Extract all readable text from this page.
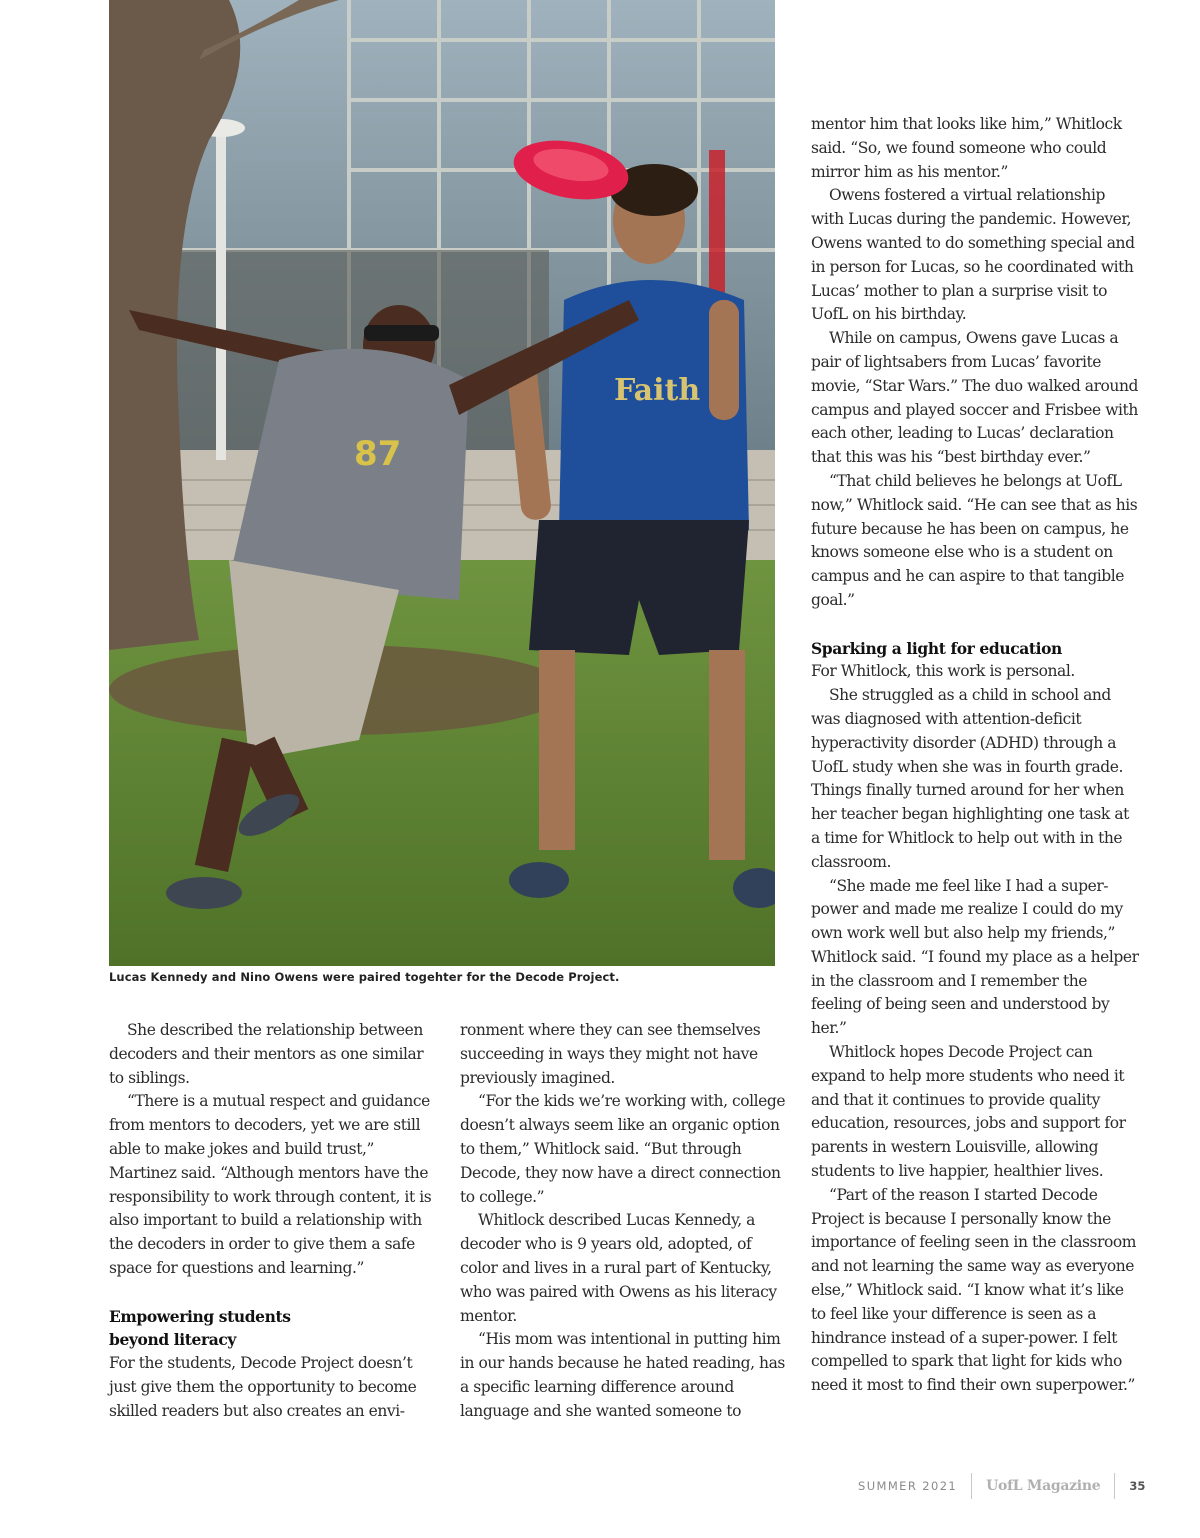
Faith
87
Lucas Kennedy and Nino Owens were paired togehter for the Decode Project.

She described the relationship between decoders and their mentors as one similar to siblings.

“There is a mutual respect and guidance from mentors to decoders, yet we are still able to make jokes and build trust,” Martinez said. “Although mentors have the responsibility to work through content, it is also important to build a relationship with the decoders in order to give them a safe space for questions and learning.”

Empowering students
beyond literacy

For the students, Decode Project doesn’t just give them the opportunity to become skilled readers but also creates an envi-

ronment where they can see themselves succeeding in ways they might not have previously imagined.

“For the kids we’re working with, college doesn’t always seem like an organic option to them,” Whitlock said. “But through Decode, they now have a direct connection to college.”

Whitlock described Lucas Kennedy, a decoder who is 9 years old, adopted, of color and lives in a rural part of Kentucky, who was paired with Owens as his literacy mentor.

“His mom was intentional in putting him in our hands because he hated reading, has a specific learning difference around language and she wanted someone to

mentor him that looks like him,” Whitlock said. “So, we found someone who could mirror him as his mentor.”

Owens fostered a virtual relationship with Lucas during the pandemic. However, Owens wanted to do something special and in person for Lucas, so he coordinated with Lucas’ mother to plan a surprise visit to UofL on his birthday.

While on campus, Owens gave Lucas a pair of lightsabers from Lucas’ favorite movie, “Star Wars.” The duo walked around campus and played soccer and Frisbee with each other, leading to Lucas’ declaration that this was his “best birthday ever.”

“That child believes he belongs at UofL now,” Whitlock said. “He can see that as his future because he has been on campus, he knows someone else who is a student on campus and he can aspire to that tangible goal.”

Sparking a light for education

For Whitlock, this work is personal.

She struggled as a child in school and was diagnosed with attention-deficit hyperactivity disorder (ADHD) through a UofL study when she was in fourth grade. Things finally turned around for her when her teacher began highlighting one task at a time for Whitlock to help out with in the classroom.

“She made me feel like I had a super-power and made me realize I could do my own work well but also help my friends,” Whitlock said. “I found my place as a helper in the classroom and I remember the feeling of being seen and understood by her.”

Whitlock hopes Decode Project can expand to help more students who need it and that it continues to provide quality education, resources, jobs and support for parents in western Louisville, allowing students to live happier, healthier lives.

“Part of the reason I started Decode Project is because I personally know the importance of feeling seen in the classroom and not learning the same way as everyone else,” Whitlock said. “I know what it’s like to feel like your difference is seen as a hindrance instead of a super-power. I felt compelled to spark that light for kids who need it most to find their own superpower.”

SUMMER 2021 UofL Magazine	35
